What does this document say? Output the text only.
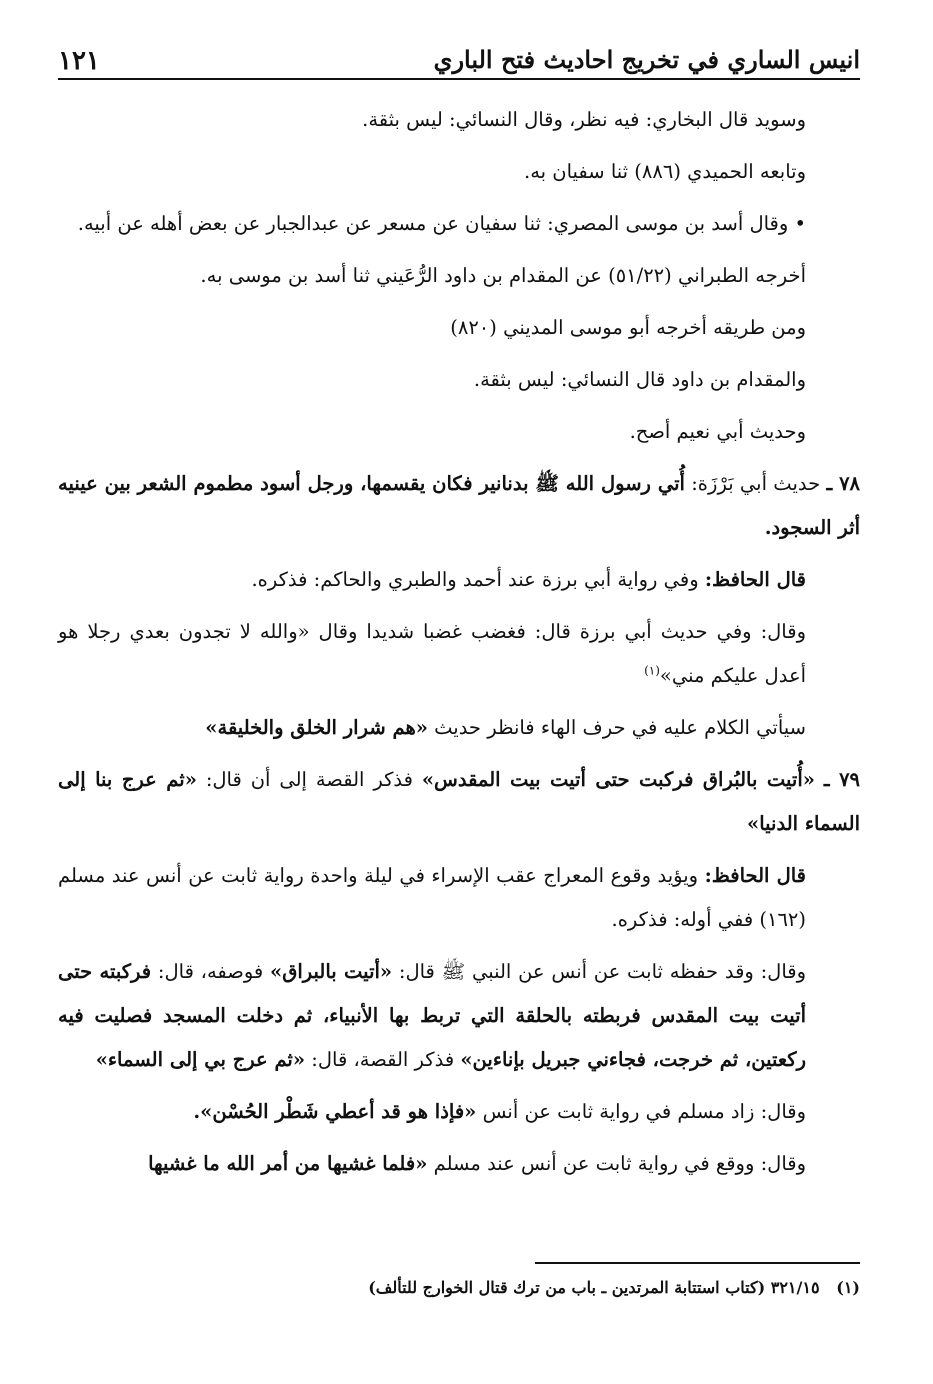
انيس الساري في تخريج احاديث فتح الباري
١٢١

وسويد قال البخاري: فيه نظر، وقال النسائي: ليس بثقة.

وتابعه الحميدي (٨٨٦) ثنا سفيان به.

• وقال أسد بن موسى المصري: ثنا سفيان عن مسعر عن عبدالجبار عن بعض أهله عن أبيه.

أخرجه الطبراني (٥١/٢٢) عن المقدام بن داود الرُّعَيني ثنا أسد بن موسى به.

ومن طريقه أخرجه أبو موسى المديني (٨٢٠)

والمقدام بن داود قال النسائي: ليس بثقة.

وحديث أبي نعيم أصح.

٧٨ ـ حديث أبي بَرْزَة: أُتي رسول الله ﷺ بدنانير فكان يقسمها، ورجل أسود مطموم الشعر بين عينيه أثر السجود.

قال الحافظ: وفي رواية أبي برزة عند أحمد والطبري والحاكم: فذكره.

وقال: وفي حديث أبي برزة قال: فغضب غضبا شديدا وقال «والله لا تجدون بعدي رجلا هو أعدل عليكم مني»$^{(١)}$

سيأتي الكلام عليه في حرف الهاء فانظر حديث «هم شرار الخلق والخليقة»

٧٩ ـ «أُتيت بالبُراق فركبت حتى أتيت بيت المقدس» فذكر القصة إلى أن قال: «ثم عرج بنا إلى السماء الدنيا»

قال الحافظ: ويؤيد وقوع المعراج عقب الإسراء في ليلة واحدة رواية ثابت عن أنس عند مسلم (١٦٢) ففي أوله: فذكره.

وقال: وقد حفظه ثابت عن أنس عن النبي ﷺ قال: «أتيت بالبراق» فوصفه، قال: فركبته حتى أتيت بيت المقدس فربطته بالحلقة التي تربط بها الأنبياء، ثم دخلت المسجد فصليت فيه ركعتين، ثم خرجت، فجاءني جبريل بإناءين» فذكر القصة، قال: «ثم عرج بي إلى السماء»

وقال: زاد مسلم في رواية ثابت عن أنس «فإذا هو قد أعطي شَطْر الحُسْن».

وقال: ووقع في رواية ثابت عن أنس عند مسلم «فلما غشيها من أمر الله ما غشيها

(١)   ٣٢١/١٥ (كتاب استتابة المرتدين ـ باب من ترك قتال الخوارج للتألف)
